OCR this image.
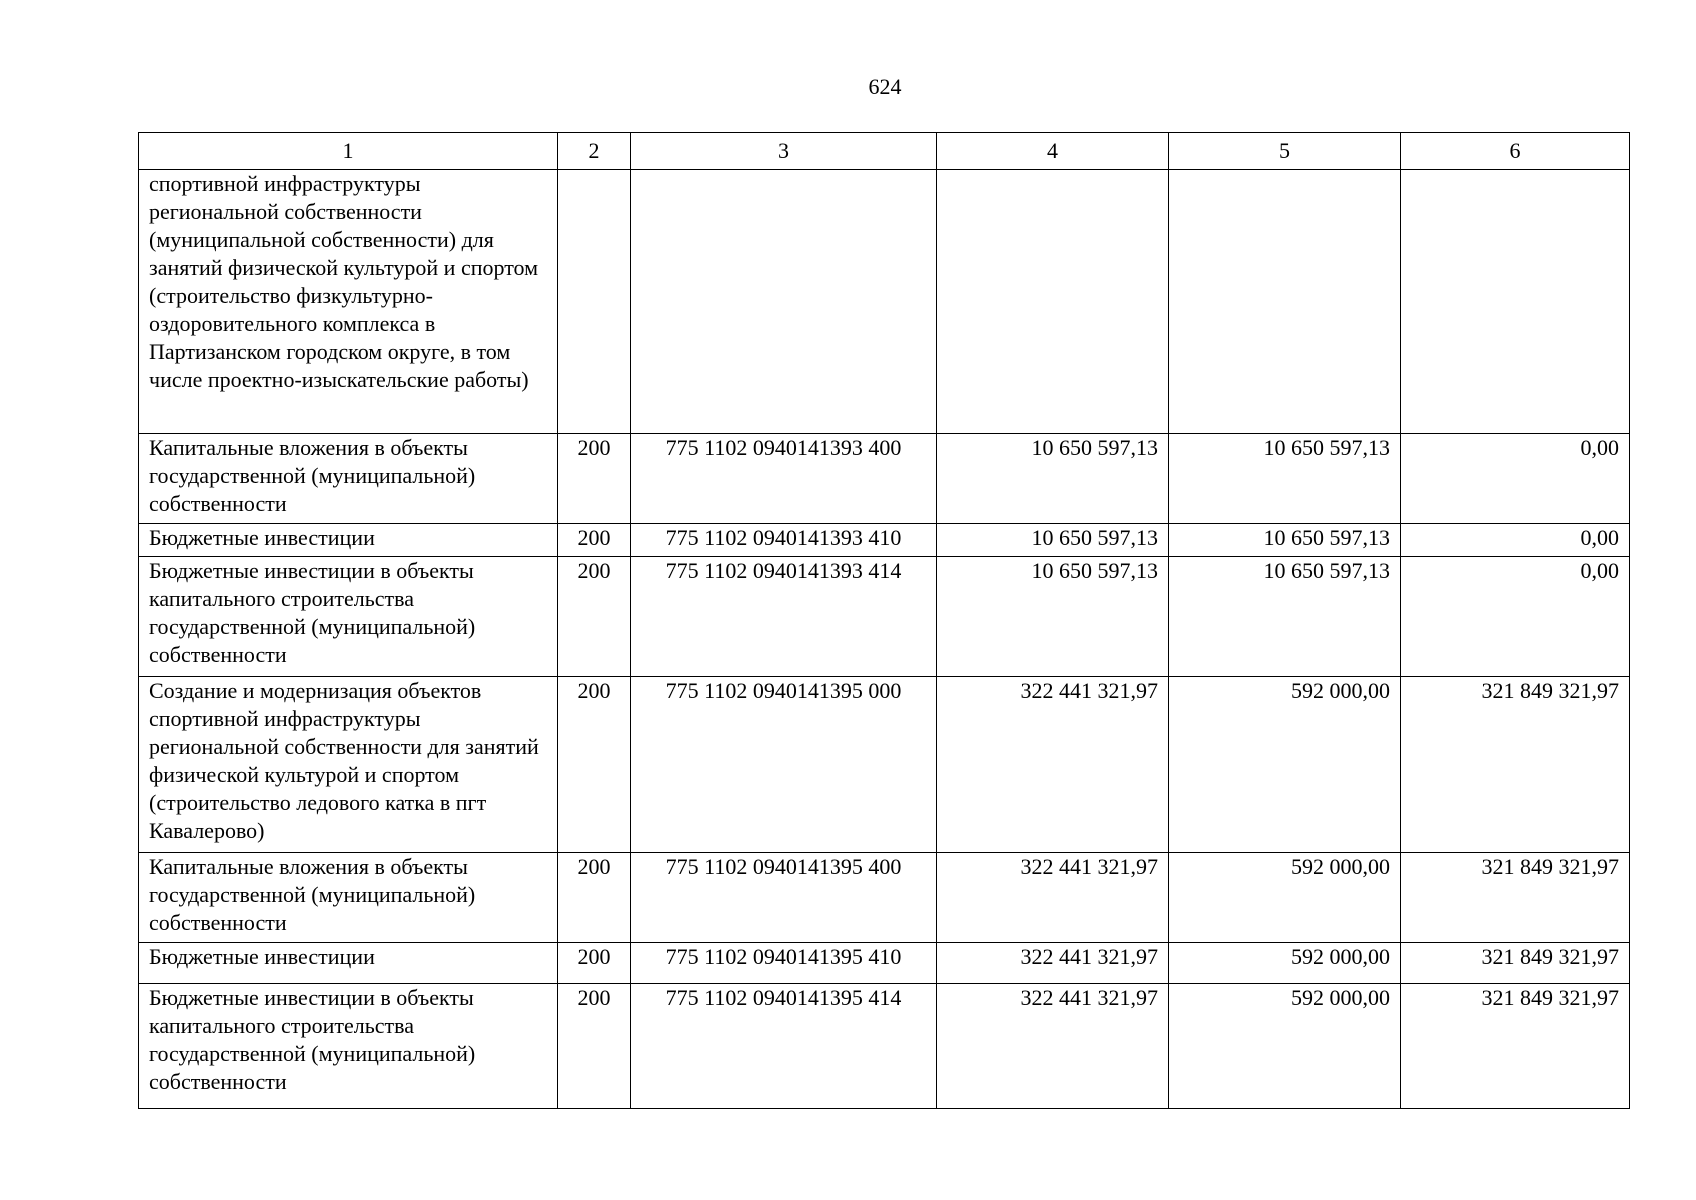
624
1	2	3	4	5	6
спортивной инфраструктуры региональной собственности (муниципальной собственности) для занятий физической культурой и спортом (строительство физкультурно-оздоровительного комплекса в Партизанском городском округе, в том числе проектно-изыскательские работы)					
Капитальные вложения в объекты государственной (муниципальной) собственности	200	775 1102 0940141393 400	10 650 597,13	10 650 597,13	0,00
Бюджетные инвестиции	200	775 1102 0940141393 410	10 650 597,13	10 650 597,13	0,00
Бюджетные инвестиции в объекты капитального строительства государственной (муниципальной) собственности	200	775 1102 0940141393 414	10 650 597,13	10 650 597,13	0,00
Создание и модернизация объектов спортивной инфраструктуры региональной собственности для занятий физической культурой и спортом (строительство ледового катка в пгт Кавалерово)	200	775 1102 0940141395 000	322 441 321,97	592 000,00	321 849 321,97
Капитальные вложения в объекты государственной (муниципальной) собственности	200	775 1102 0940141395 400	322 441 321,97	592 000,00	321 849 321,97
Бюджетные инвестиции	200	775 1102 0940141395 410	322 441 321,97	592 000,00	321 849 321,97
Бюджетные инвестиции в объекты капитального строительства государственной (муниципальной) собственности	200	775 1102 0940141395 414	322 441 321,97	592 000,00	321 849 321,97
